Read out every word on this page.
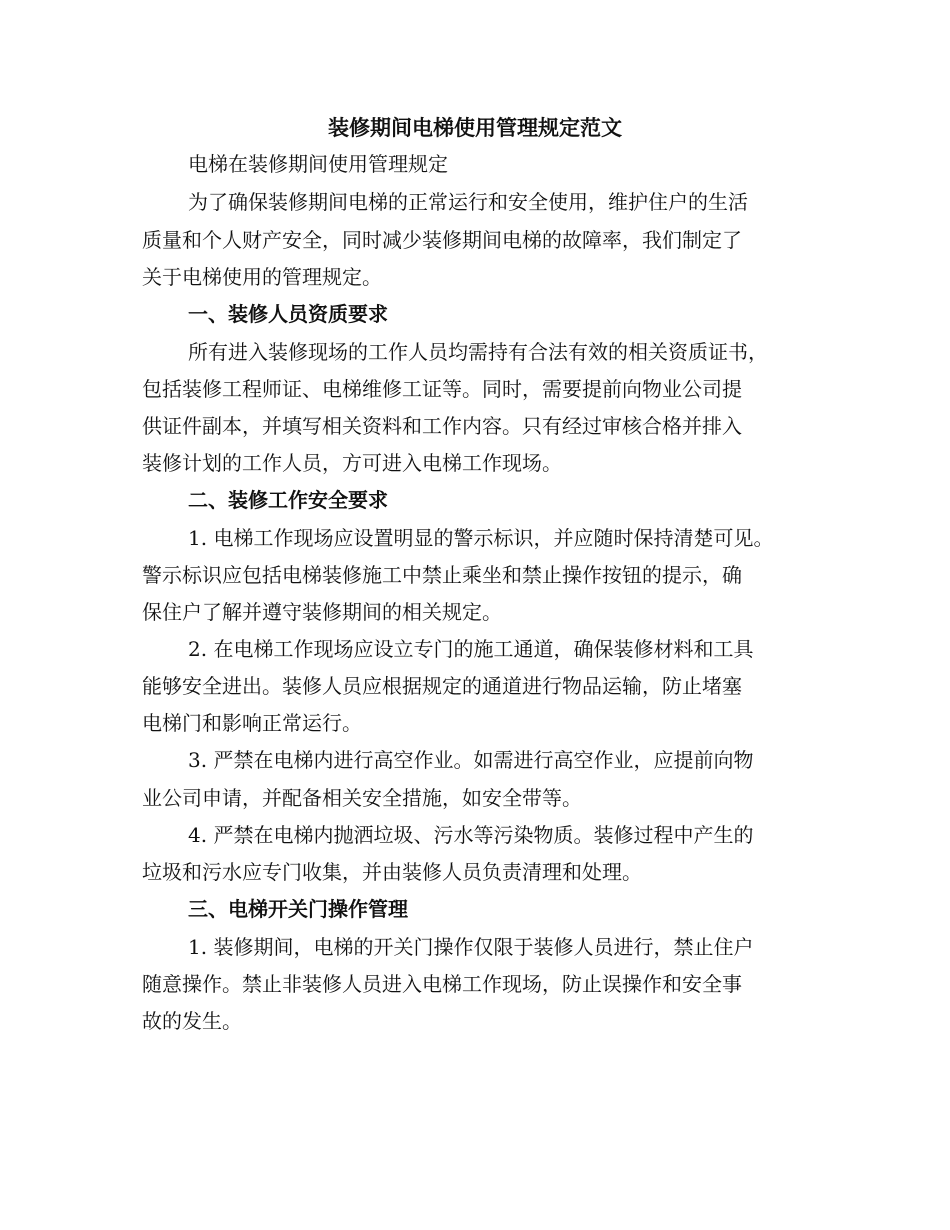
装修期间电梯使用管理规定范文
电梯在装修期间使用管理规定
为了确保装修期间电梯的正常运行和安全使用，维护住户的生活
质量和个人财产安全，同时减少装修期间电梯的故障率，我们制定了
关于电梯使用的管理规定。
一、装修人员资质要求
所有进入装修现场的工作人员均需持有合法有效的相关资质证书，
包括装修工程师证、电梯维修工证等。同时，需要提前向物业公司提
供证件副本，并填写相关资料和工作内容。只有经过审核合格并排入
装修计划的工作人员，方可进入电梯工作现场。
二、装修工作安全要求
1. 电梯工作现场应设置明显的警示标识，并应随时保持清楚可见。
警示标识应包括电梯装修施工中禁止乘坐和禁止操作按钮的提示，确
保住户了解并遵守装修期间的相关规定。
2. 在电梯工作现场应设立专门的施工通道，确保装修材料和工具
能够安全进出。装修人员应根据规定的通道进行物品运输，防止堵塞
电梯门和影响正常运行。
3. 严禁在电梯内进行高空作业。如需进行高空作业，应提前向物
业公司申请，并配备相关安全措施，如安全带等。
4. 严禁在电梯内抛洒垃圾、污水等污染物质。装修过程中产生的
垃圾和污水应专门收集，并由装修人员负责清理和处理。
三、电梯开关门操作管理
1. 装修期间，电梯的开关门操作仅限于装修人员进行，禁止住户
随意操作。禁止非装修人员进入电梯工作现场，防止误操作和安全事
故的发生。
